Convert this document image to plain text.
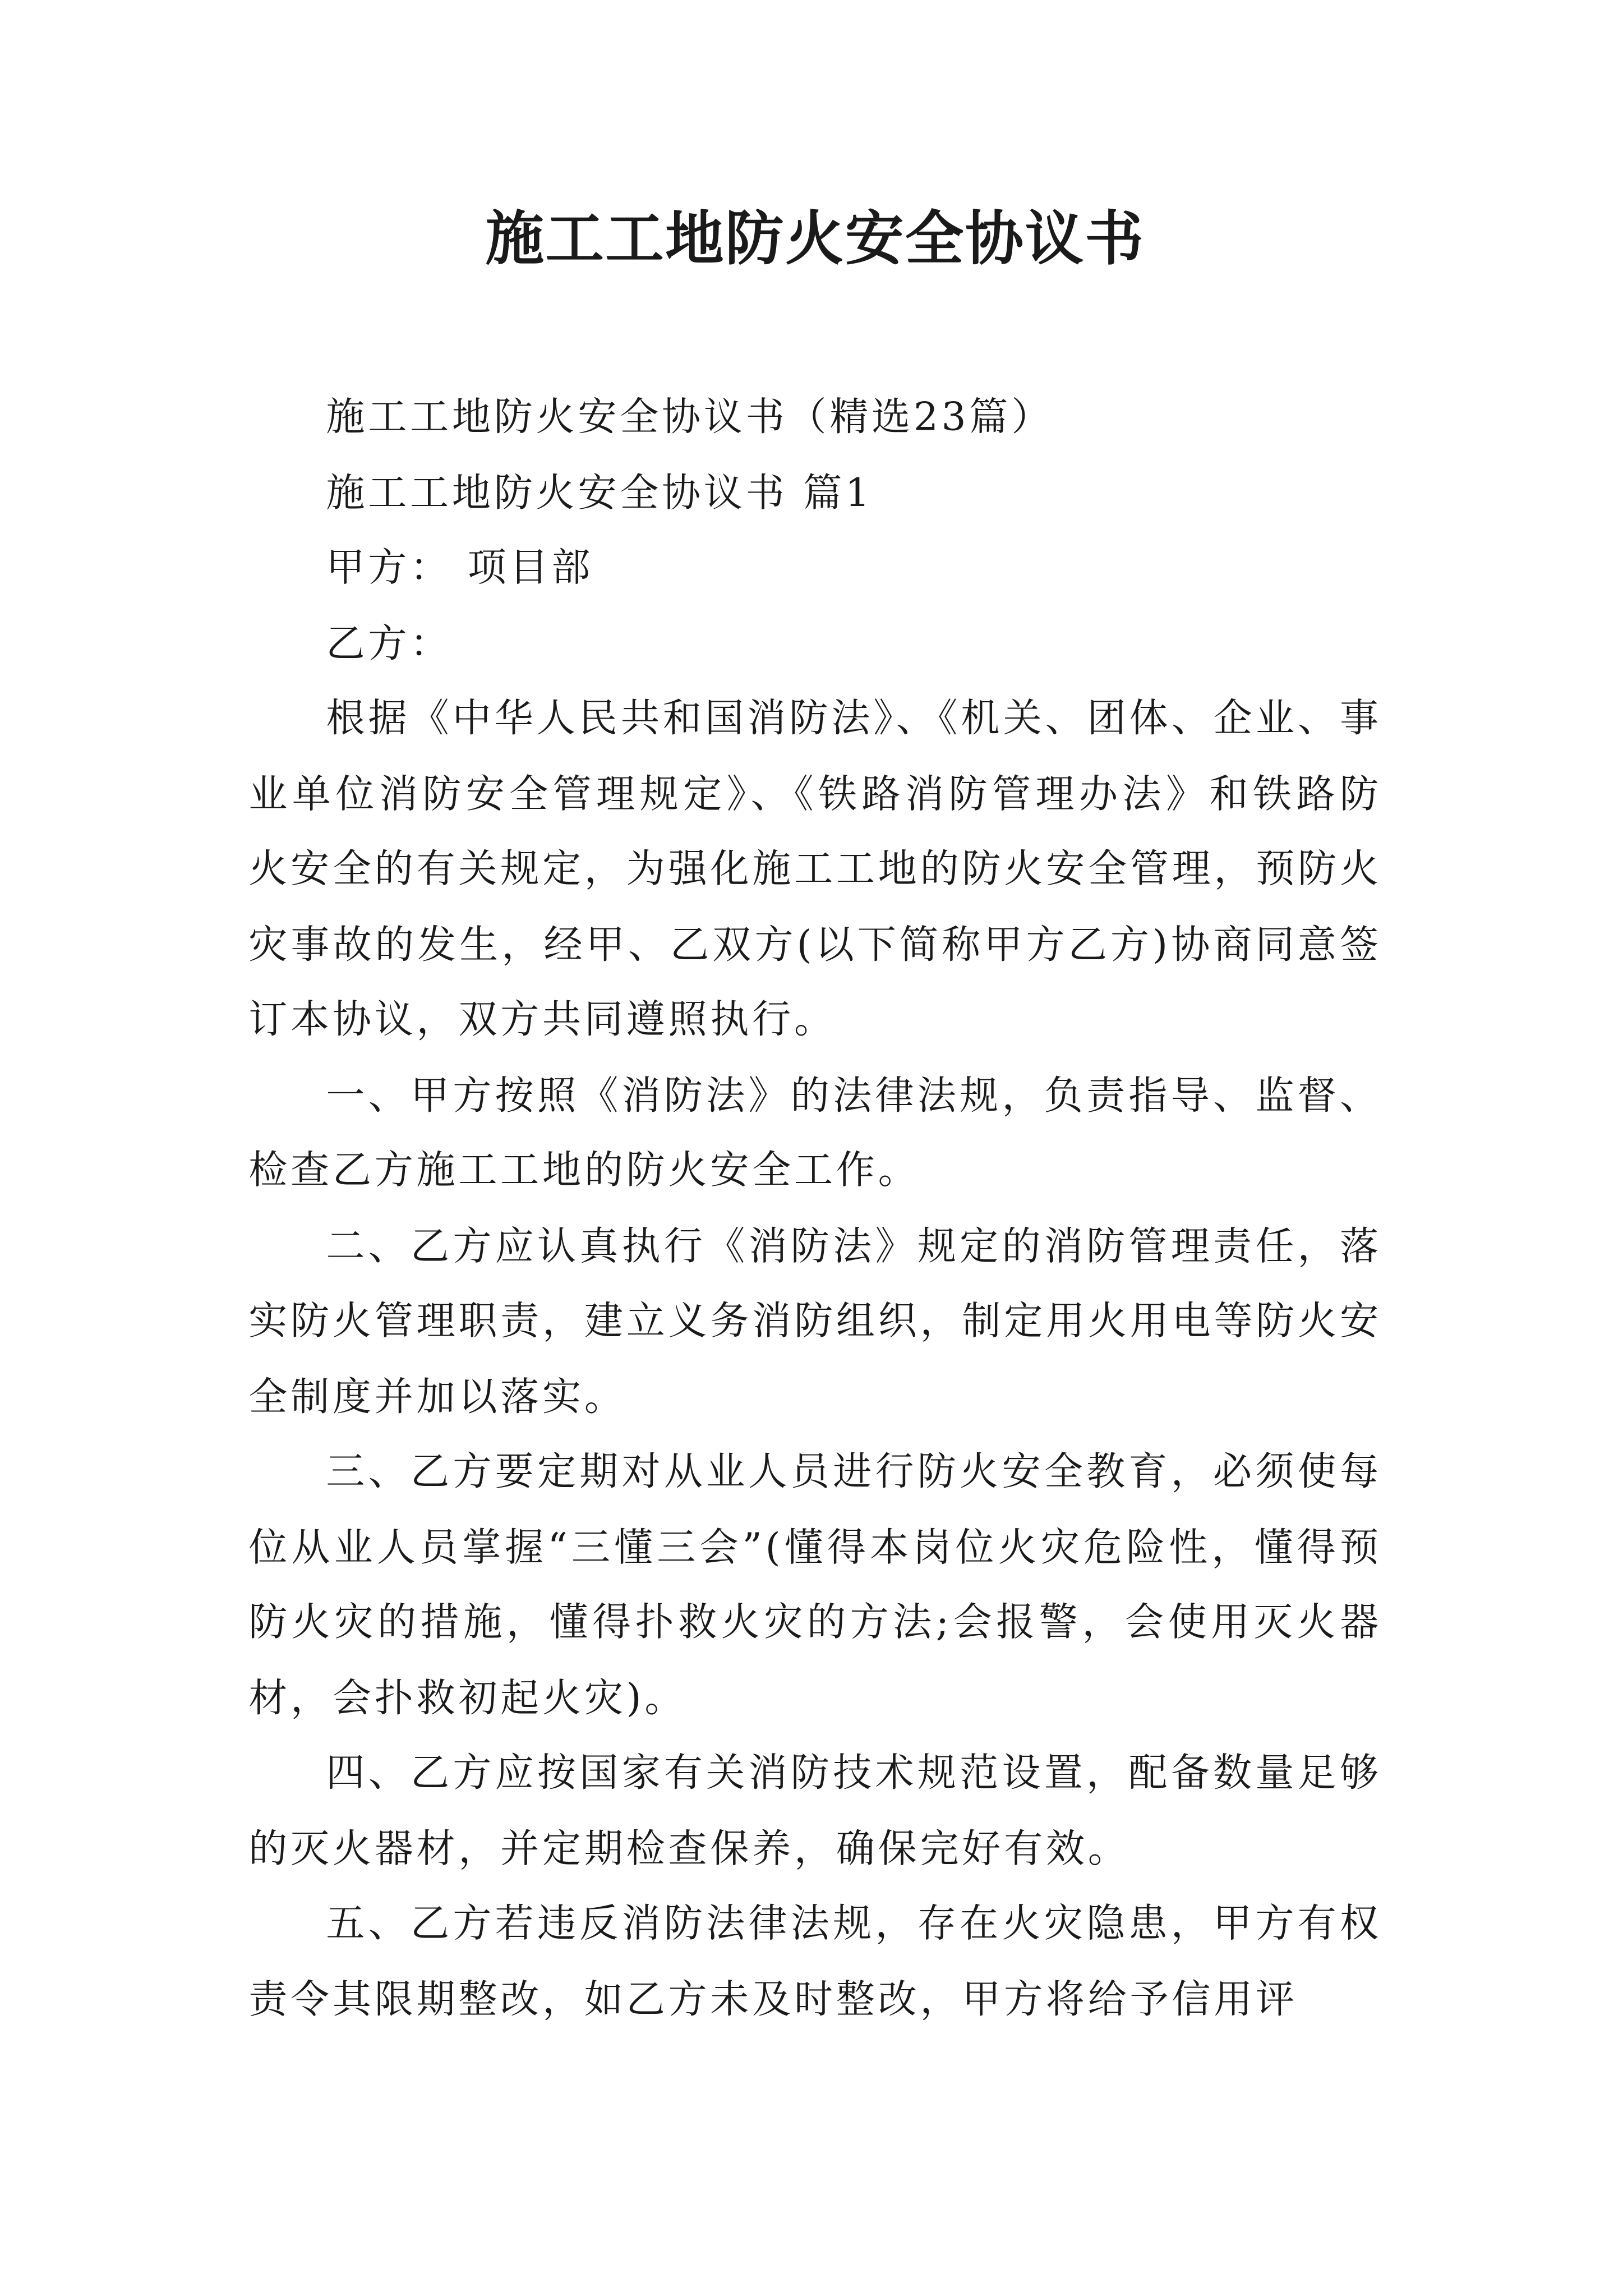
施工工地防火安全协议书

施工工地防火安全协议书（精选23篇）

施工工地防火安全协议书 篇1

甲方： 项目部

乙方：

根据《中华人民共和国消防法》、《机关、团体、企业、事业单位消防安全管理规定》、《铁路消防管理办法》和铁路防火安全的有关规定，为强化施工工地的防火安全管理，预防火灾事故的发生，经甲、乙双方(以下简称甲方乙方)协商同意签订本协议，双方共同遵照执行。

一、甲方按照《消防法》的法律法规，负责指导、监督、检查乙方施工工地的防火安全工作。

二、乙方应认真执行《消防法》规定的消防管理责任，落实防火管理职责，建立义务消防组织，制定用火用电等防火安全制度并加以落实。

三、乙方要定期对从业人员进行防火安全教育，必须使每位从业人员掌握“三懂三会”(懂得本岗位火灾危险性，懂得预防火灾的措施，懂得扑救火灾的方法;会报警，会使用灭火器材，会扑救初起火灾)。

四、乙方应按国家有关消防技术规范设置，配备数量足够的灭火器材，并定期检查保养，确保完好有效。

五、乙方若违反消防法律法规，存在火灾隐患，甲方有权责令其限期整改，如乙方未及时整改，甲方将给予信用评
